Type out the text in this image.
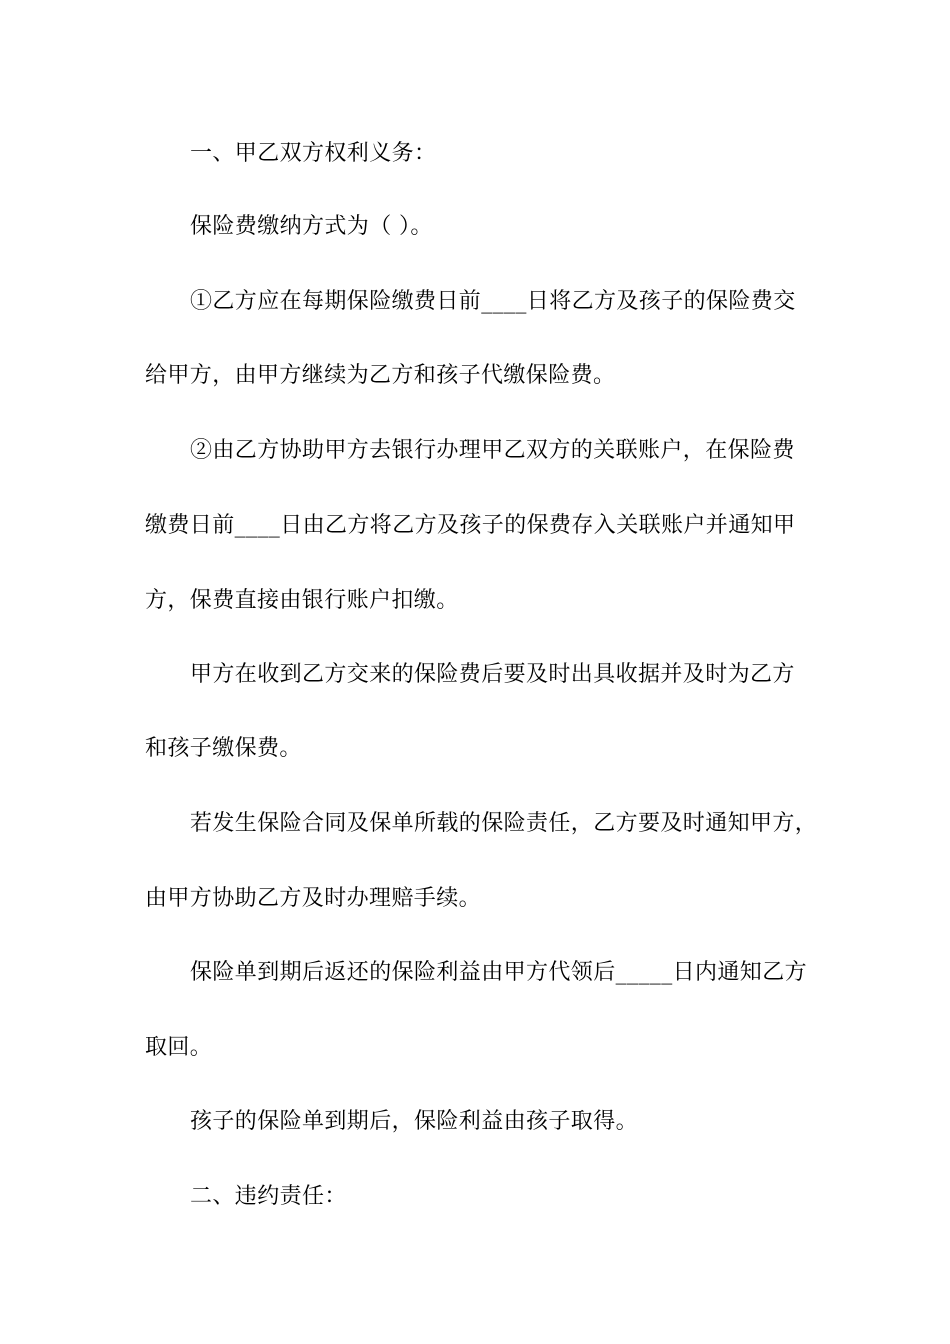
一、甲乙双方权利义务：
保险费缴纳方式为（ ）。
①乙方应在每期保险缴费日前____日将乙方及孩子的保险费交
给甲方，由甲方继续为乙方和孩子代缴保险费。
②由乙方协助甲方去银行办理甲乙双方的关联账户，在保险费
缴费日前____日由乙方将乙方及孩子的保费存入关联账户并通知甲
方，保费直接由银行账户扣缴。
甲方在收到乙方交来的保险费后要及时出具收据并及时为乙方
和孩子缴保费。
若发生保险合同及保单所载的保险责任，乙方要及时通知甲方，
由甲方协助乙方及时办理赔手续。
保险单到期后返还的保险利益由甲方代领后_____日内通知乙方
取回。
孩子的保险单到期后，保险利益由孩子取得。
二、违约责任：
